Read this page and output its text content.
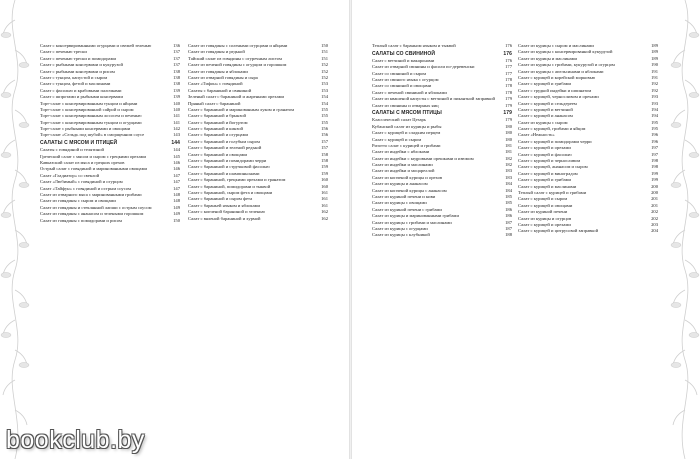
Салат с консервированными огурцами и свежей зеленью	136
Салат с печенью трески	137
Салат с печенью трески и помидорами	137
Салат с рыбными консервами и кукурузой	137
Салат с рыбными консервами и рисом	138
Салат с тунцом, капустой и сыром	138
Салат с тунцом, фетой и маслинами	138
Салат с фасолью и крабовыми палочками	139
Салат с шпротами и рыбными консервами	139
Торт-салат с консервированным тунцом и яйцами	140
Торт-салат с консервированной сайрой и сыром	140
Торт-салат с консервированным лососем и печенью	141
Торт-салат с консервированным тунцом и огурцами	141
Торт-салат с рыбными консервами и овощами	142
Торт-салат «Сельдь под шубой» в сморщенном соусе	143
САЛАТЫ С МЯСОМ И ПТИЦЕЙ	144
Салаты с говядиной и телятиной	144
Греческий салат с мясом и сыром с грецкими орехами	145
Кавказский салат из мяса и грецких орехов	146
Острый салат с говядиной и маринованными овощами	146
Салат «Гладиатор» со свеклой	147
Салат «Любимый» с говядиной и огурцом	147
Салат «Тайфун» с говядиной и острым соусом	147
Салат из отварного мяса с маринованными грибами	148
Салат из говядины с сыром и овощами	148
Салат из говядины и стеклянной лапши с острым соусом	149
Салат из говядины с ананасом и зелеными горошком	149
Салат из говядины с помидорами и рисом	150
Салат из говядины с солеными огурцами и яйцами	150
Салат из говядины и редькой	151
Тайский салат из говядины с огуречным листом	151
Салат из печеной говядины с огурцом и горошком	152
Салат из говядины и яблоками	152
Салат из отварной говядины и сыра	152
Салат «Тифон» с говядиной	153
Салаты с бараниной и свининой	153
Зеленый салат с бараниной и жареными орехами	154
Пряный салат с бараниной	154
Салат с бараниной и маринованным луком и гранатом	155
Салат с бараниной и брынзой	155
Салат с бараниной и йогуртом	155
Салат с бараниной и кинзой	156
Салат с бараниной и огурцами	156
Салат с бараниной и голубым сыром	157
Салат с бараниной и зеленой редькой	157
Салат с бараниной и овощами	158
Салат с бараниной и помидорами черри	158
Салат с бараниной и стручковой фасолью	159
Салат с бараниной и шампиньонами	159
Салат с бараниной, грецкими орехами и гранатом	160
Салат с бараниной, помидорами и тыквой	160
Салат с бараниной, сыром фета и овощами	161
Салат с бараниной и сыром фета	161
Салат с бараньей языком и яблоками	161
Салат с копченой бараниной и зеленью	162
Салат с вяленой бараниной и хурмой	162
Теплый салат с бараньим языком и тыквой	176
САЛАТЫ СО СВИНИНОЙ	176
Салат с ветчиной и макаронами	176
Салат из отварной свинины и фасоли по-деревенски	177
Салат со свининой и сыром	177
Салат из свиного языка с огурцом	178
Салат со свининой и овощами	178
Салат с печеной свининой и яблоками	178
Салат из квашеной капусты с ветчиной и пикантной заправкой	179
Салат из свинины и отварных яиц	179
САЛАТЫ С МЯСОМ ПТИЦЫ	179
Классический салат Цезарь	179
Кубанский салат из курицы и рыбы	180
Салат с курицей и сладким перцем	180
Салат с курицей и сыром	180
Ризотто салат с курицей и грибами	181
Салат из индейки с яблоками	181
Салат из индейки с кедровыми орешками и изюмом	182
Салат из индейки и маслинами	182
Салат из индейки и моцареллой	183
Салат из копченой курицы и орехов	183
Салат из курицы и ананасом	184
Салат из копченой курицы с ананасом	184
Салат из куриной печени и киви	185
Салат из курицы с овощами	185
Салат из куриной печени с грибами	186
Салат из курицы и маринованными грибами	186
Салат из курицы с грибами и маслинами	187
Салат из курицы с огурцами	187
Салат из курицы с клубникой	188
Салат из курицы с сыром и маслинами	189
Салат из курицы с консервированной кукурузой	189
Салат из курицы и маслинами	189
Салат из курицы с грибами, кукурузой и огурцом	190
Салат из курицы с апельсинами и яблоками	191
Салат с курицей и корейской морковью	191
Салат с курицей и грибами	192
Салат с грудкой индейки и шпинатом	192
Салат с курицей, черносливом и орехами	193
Салат с курицей и сельдереем	193
Салат с курицей и ветчиной	194
Салат с курицей и ананасом	194
Салат из курицы с сыром	195
Салат с курицей, грибами и яйцом	195
Салат «Нежность»	196
Салат с курицей и помидорами черри	196
Салат с курицей и орехами	197
Салат с курицей и фасолью	197
Салат с курицей и черносливом	198
Салат с курицей, ананасом и сыром	198
Салат с курицей и виноградом	199
Салат с курицей и грибами	199
Салат с курицей и маслинами	200
Теплый салат с курицей и грибами	200
Салат с курицей и сыром	201
Салат с курицей и овощами	201
Салат из куриной печени	202
Салат из курицы и огурцов	202
Салат с курицей и орехами	203
Салат с курицей и цитрусовой заправкой	204
bookclub.by
